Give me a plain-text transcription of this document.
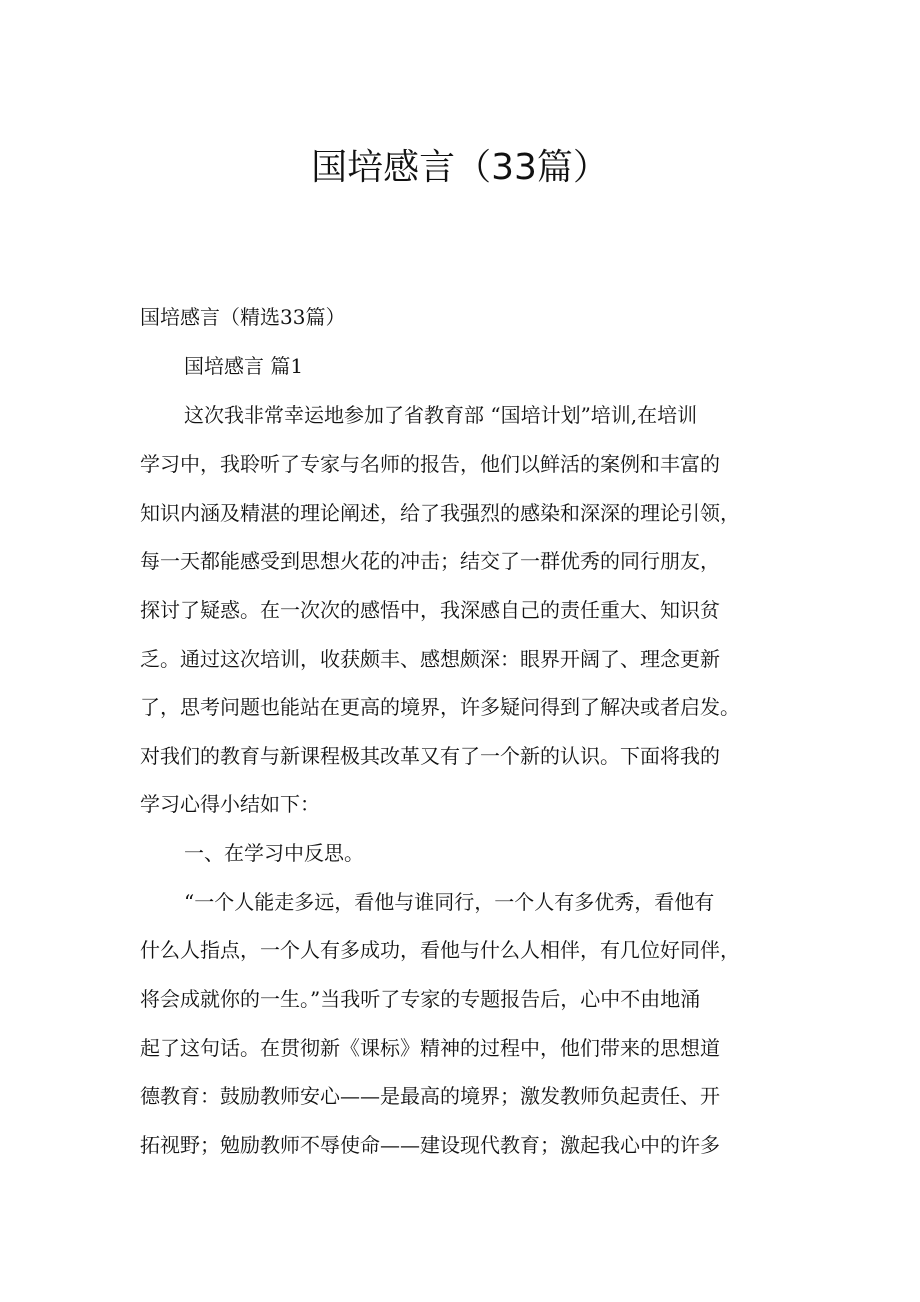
国培感言（33篇）

国培感言（精选33篇）

国培感言 篇1

这次我非常幸运地参加了省教育部 “国培计划”培训,在培训

学习中，我聆听了专家与名师的报告，他们以鲜活的案例和丰富的

知识内涵及精湛的理论阐述，给了我强烈的感染和深深的理论引领，

每一天都能感受到思想火花的冲击；结交了一群优秀的同行朋友，

探讨了疑惑。在一次次的感悟中，我深感自己的责任重大、知识贫

乏。通过这次培训，收获颇丰、感想颇深：眼界开阔了、理念更新

了，思考问题也能站在更高的境界，许多疑问得到了解决或者启发。

对我们的教育与新课程极其改革又有了一个新的认识。下面将我的

学习心得小结如下：

一、在学习中反思。

“一个人能走多远，看他与谁同行，一个人有多优秀，看他有

什么人指点，一个人有多成功，看他与什么人相伴，有几位好同伴，

将会成就你的一生。”当我听了专家的专题报告后，心中不由地涌

起了这句话。在贯彻新《课标》精神的过程中，他们带来的思想道

德教育：鼓励教师安心——是最高的境界；激发教师负起责任、开

拓视野；勉励教师不辱使命——建设现代教育；激起我心中的许多
